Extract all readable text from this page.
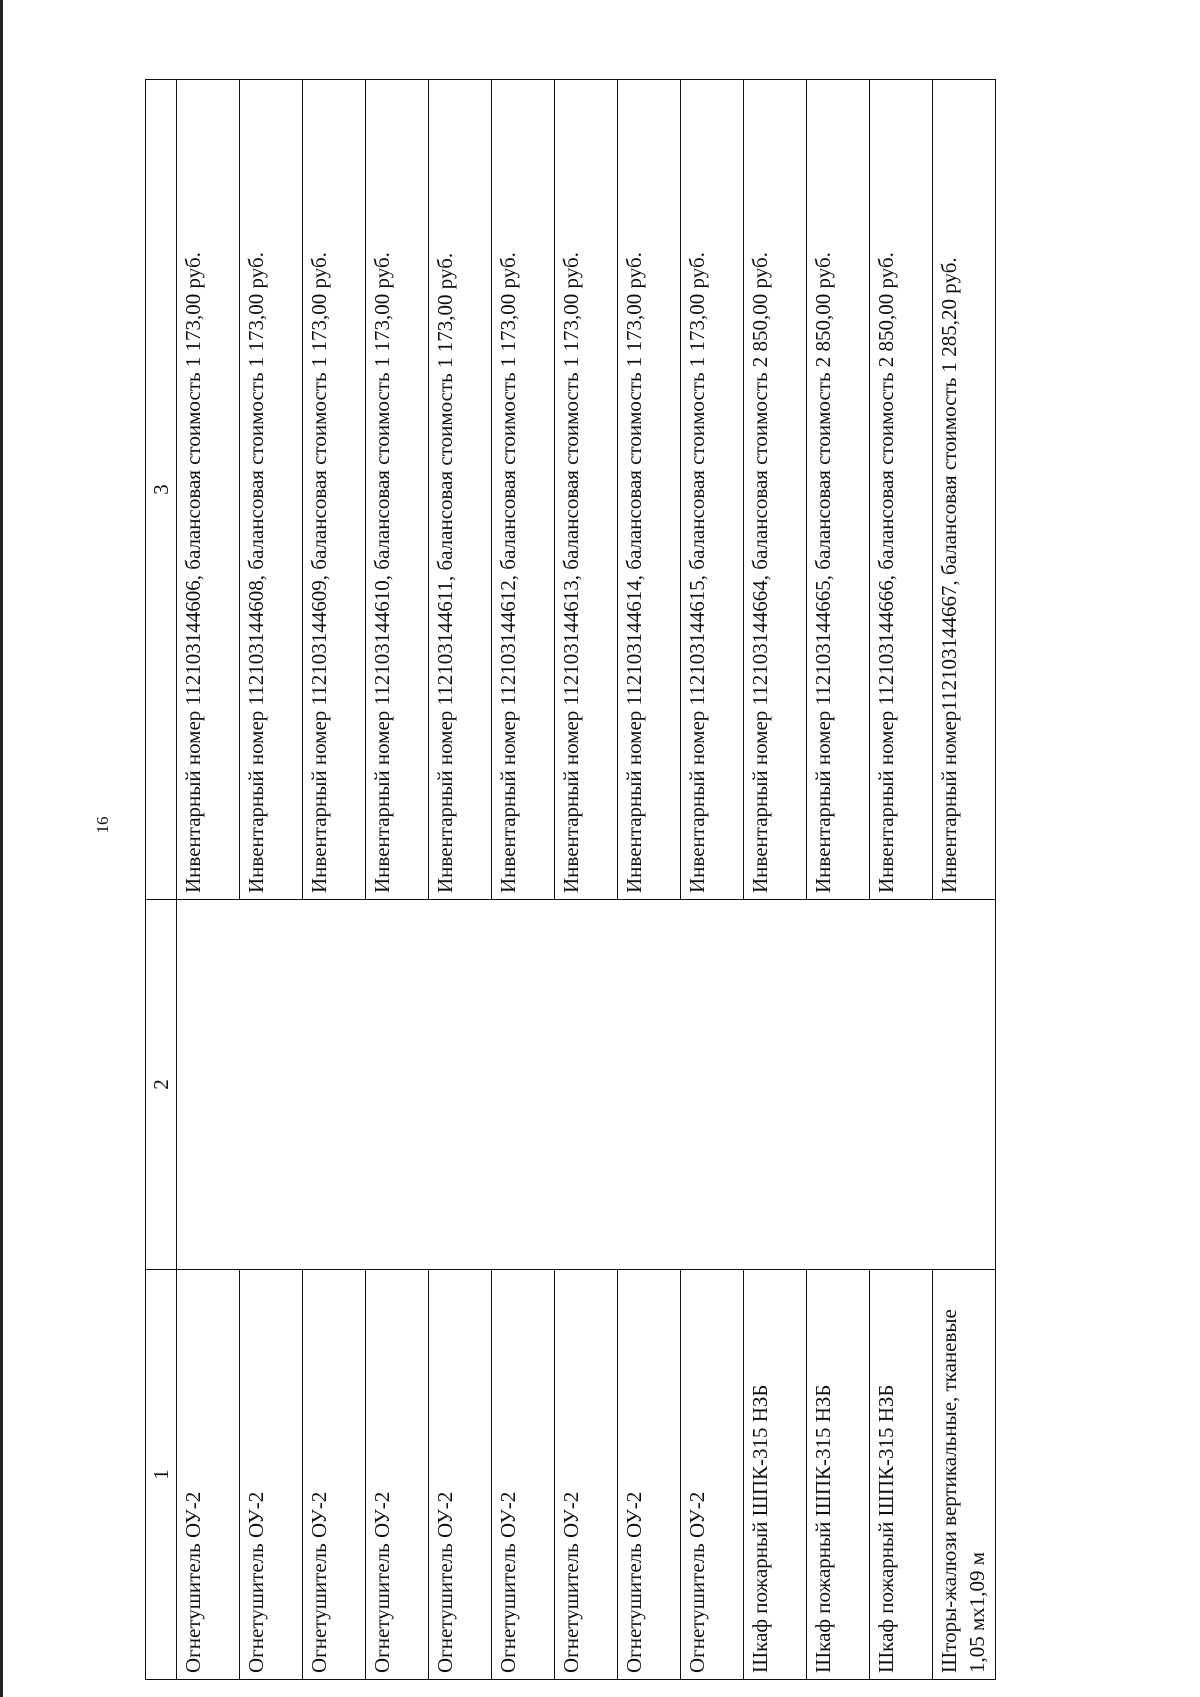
16
1	2	3
Огнетушитель ОУ-2		Инвентарный номер 112103144606, балансовая стоимость 1 173,00 руб.
Огнетушитель ОУ-2		Инвентарный номер 112103144608, балансовая стоимость 1 173,00 руб.
Огнетушитель ОУ-2		Инвентарный номер 112103144609, балансовая стоимость 1 173,00 руб.
Огнетушитель ОУ-2		Инвентарный номер 112103144610, балансовая стоимость 1 173,00 руб.
Огнетушитель ОУ-2		Инвентарный номер 112103144611, балансовая стоимость 1 173,00 руб.
Огнетушитель ОУ-2		Инвентарный номер 112103144612, балансовая стоимость 1 173,00 руб.
Огнетушитель ОУ-2		Инвентарный номер 112103144613, балансовая стоимость 1 173,00 руб.
Огнетушитель ОУ-2		Инвентарный номер 112103144614, балансовая стоимость 1 173,00 руб.
Огнетушитель ОУ-2		Инвентарный номер 112103144615, балансовая стоимость 1 173,00 руб.
Шкаф пожарный ШПК-315 НЗБ		Инвентарный номер 112103144664, балансовая стоимость 2 850,00 руб.
Шкаф пожарный ШПК-315 НЗБ		Инвентарный номер 112103144665, балансовая стоимость 2 850,00 руб.
Шкаф пожарный ШПК-315 НЗБ		Инвентарный номер 112103144666, балансовая стоимость 2 850,00 руб.
Шторы-жалюзи вертикальные, тканевые 1,05 мх1,09 м		Инвентарный номер112103144667, балансовая стоимость 1 285,20 руб.
